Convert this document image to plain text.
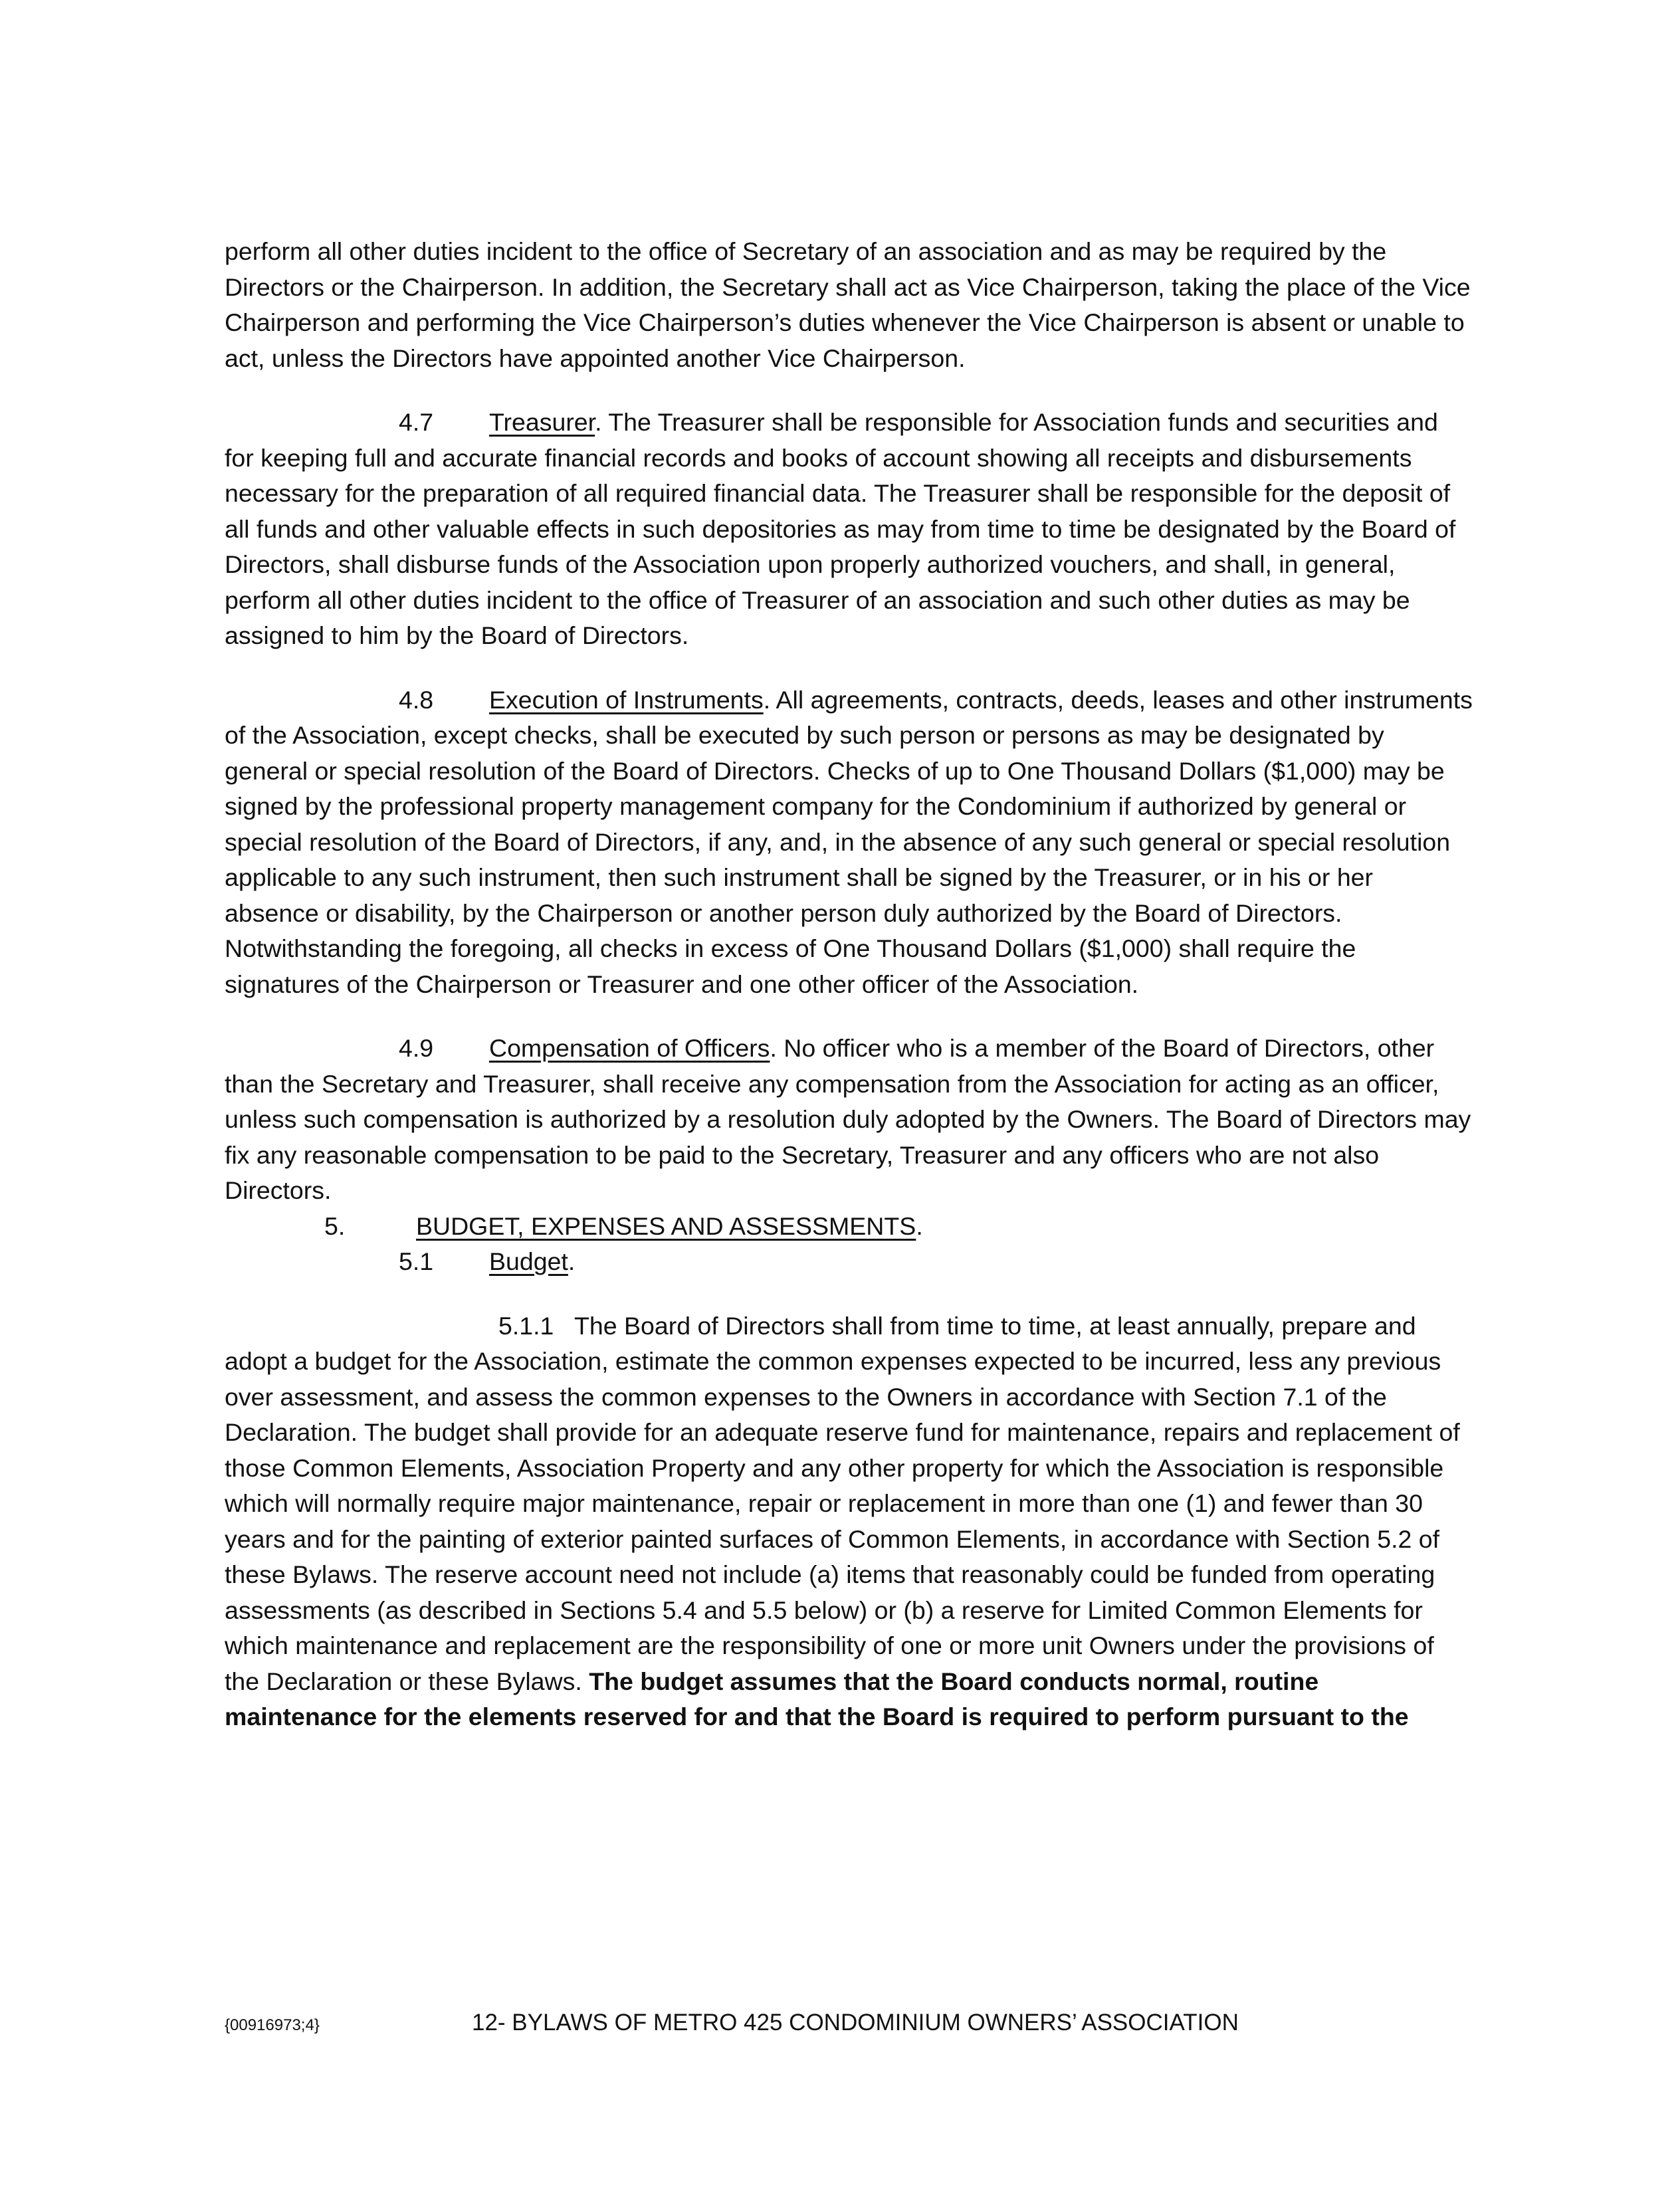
perform all other duties incident to the office of Secretary of an association and as may be required by the Directors or the Chairperson. In addition, the Secretary shall act as Vice Chairperson, taking the place of the Vice Chairperson and performing the Vice Chairperson’s duties whenever the Vice Chairperson is absent or unable to act, unless the Directors have appointed another Vice Chairperson.

4.7 Treasurer. The Treasurer shall be responsible for Association funds and securities and for keeping full and accurate financial records and books of account showing all receipts and disbursements necessary for the preparation of all required financial data. The Treasurer shall be responsible for the deposit of all funds and other valuable effects in such depositories as may from time to time be designated by the Board of Directors, shall disburse funds of the Association upon properly authorized vouchers, and shall, in general, perform all other duties incident to the office of Treasurer of an association and such other duties as may be assigned to him by the Board of Directors.

4.8 Execution of Instruments. All agreements, contracts, deeds, leases and other instruments of the Association, except checks, shall be executed by such person or persons as may be designated by general or special resolution of the Board of Directors. Checks of up to One Thousand Dollars ($1,000) may be signed by the professional property management company for the Condominium if authorized by general or special resolution of the Board of Directors, if any, and, in the absence of any such general or special resolution applicable to any such instrument, then such instrument shall be signed by the Treasurer, or in his or her absence or disability, by the Chairperson or another person duly authorized by the Board of Directors. Notwithstanding the foregoing, all checks in excess of One Thousand Dollars ($1,000) shall require the signatures of the Chairperson or Treasurer and one other officer of the Association.

4.9 Compensation of Officers. No officer who is a member of the Board of Directors, other than the Secretary and Treasurer, shall receive any compensation from the Association for acting as an officer, unless such compensation is authorized by a resolution duly adopted by the Owners. The Board of Directors may fix any reasonable compensation to be paid to the Secretary, Treasurer and any officers who are not also Directors.

5.	BUDGET, EXPENSES AND ASSESSMENTS.

5.1 Budget.

5.1.1 The Board of Directors shall from time to time, at least annually, prepare and adopt a budget for the Association, estimate the common expenses expected to be incurred, less any previous over assessment, and assess the common expenses to the Owners in accordance with Section 7.1 of the Declaration. The budget shall provide for an adequate reserve fund for maintenance, repairs and replacement of those Common Elements, Association Property and any other property for which the Association is responsible which will normally require major maintenance, repair or replacement in more than one (1) and fewer than 30 years and for the painting of exterior painted surfaces of Common Elements, in accordance with Section 5.2 of these Bylaws. The reserve account need not include (a) items that reasonably could be funded from operating assessments (as described in Sections 5.4 and 5.5 below) or (b) a reserve for Limited Common Elements for which maintenance and replacement are the responsibility of one or more unit Owners under the provisions of the Declaration or these Bylaws. The budget assumes that the Board conducts normal, routine maintenance for the elements reserved for and that the Board is required to perform pursuant to the

{00916973;4}	12- BYLAWS OF METRO 425 CONDOMINIUM OWNERS’ ASSOCIATION
